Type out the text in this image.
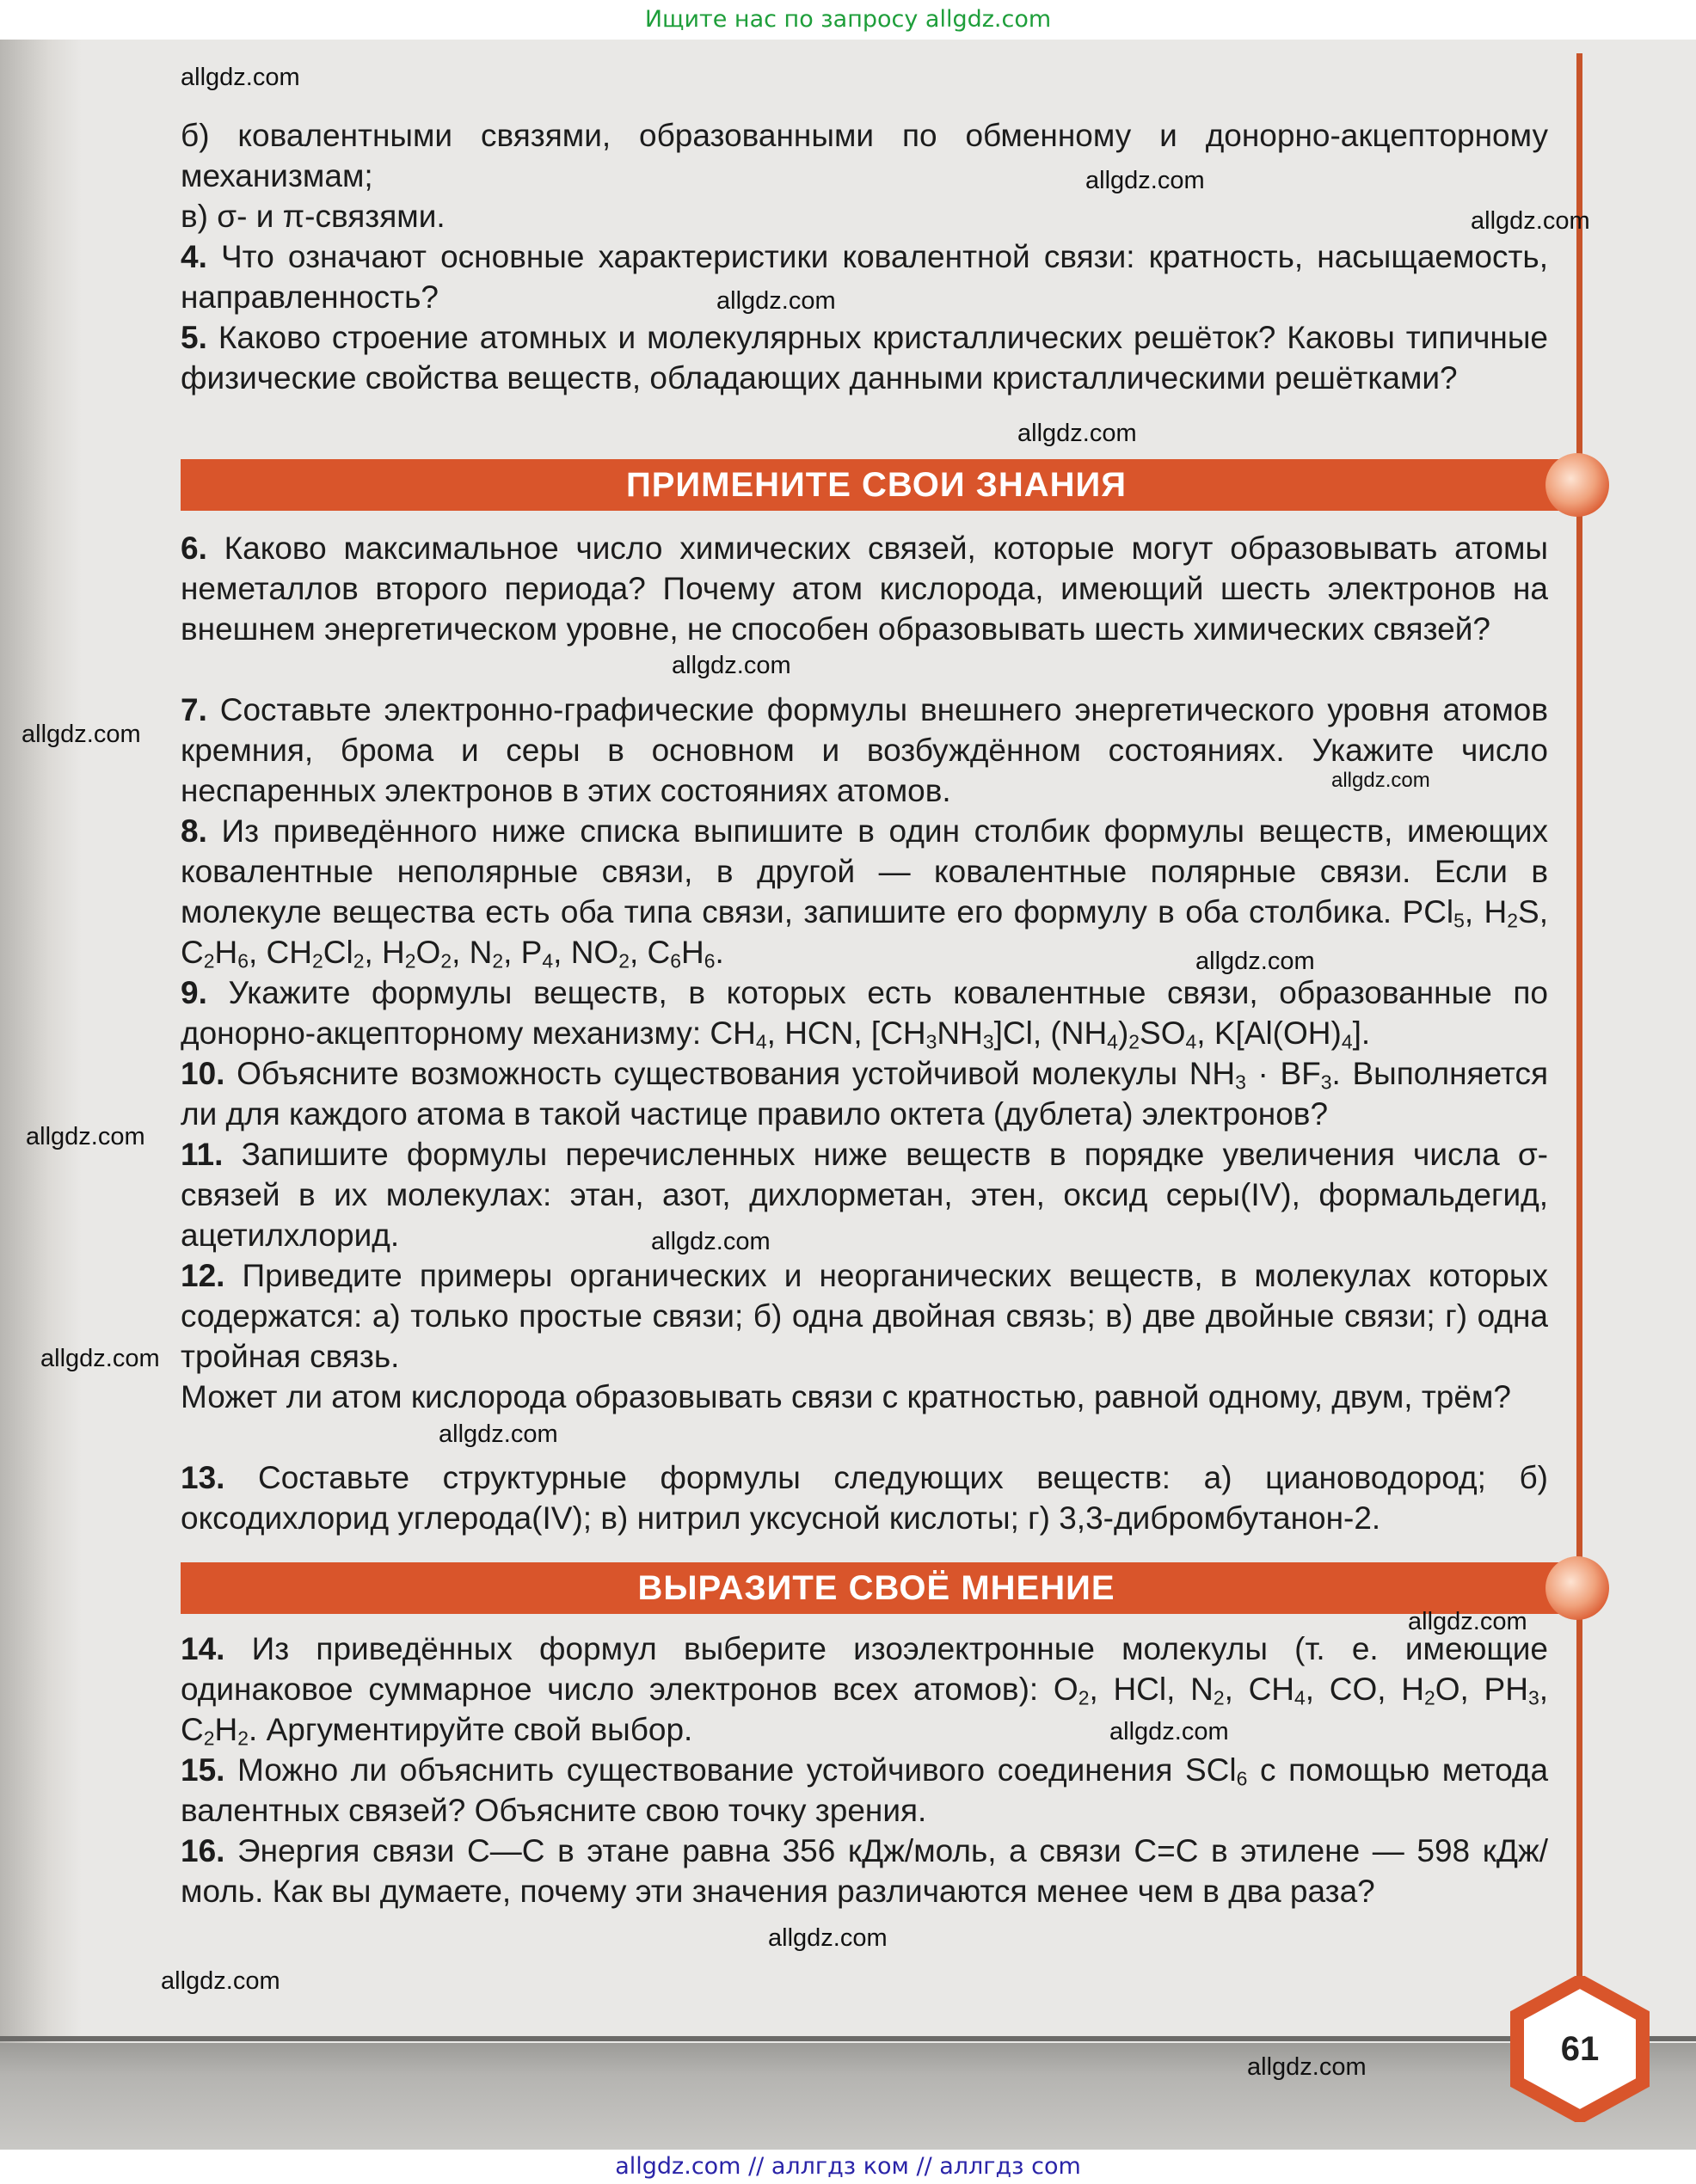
Ищите нас по запросу allgdz.com

б) ковалентными связями, образованными по обменному и донорно-акцепторному механизмам;

в) σ- и π-связями.

4. Что означают основные характеристики ковалентной связи: кратность, насыщаемость, направленность?

5. Каково строение атомных и молекулярных кристаллических решёток? Каковы типичные физические свойства веществ, обладающих данными кристаллическими решётками?

ПРИМЕНИТЕ СВОИ ЗНАНИЯ

6. Каково максимальное число химических связей, которые могут образовывать атомы неметаллов второго периода? Почему атом кислорода, имеющий шесть электронов на внешнем энергетическом уровне, не способен образовывать шесть химических связей?

7. Составьте электронно-графические формулы внешнего энергетического уровня атомов кремния, брома и серы в основном и возбуждённом состояниях. Укажите число неспаренных электронов в этих состояниях атомов.

8. Из приведённого ниже списка выпишите в один столбик формулы веществ, имеющих ковалентные неполярные связи, в другой — ковалентные полярные связи. Если в молекуле вещества есть оба типа связи, запишите его формулу в оба столбика. PCl$_5$, $H_2S$, $C_2H_6$, $CH_2Cl_2$, $H_2O_2$, $N_2$, $P_4$, $NO_2$, $C_6H_6$.

9. Укажите формулы веществ, в которых есть ковалентные связи, образованные по донорно-акцепторному механизму: $CH_4$, HCN, $[CH_3NH_3]Cl$, $(NH_4)_2SO_4$, $K[Al(OH)_4]$.

10. Объясните возможность существования устойчивой молекулы $NH_3 \cdot BF_3$. Выполняется ли для каждого атома в такой частице правило октета (дублета) электронов?

11. Запишите формулы перечисленных ниже веществ в порядке увеличения числа σ-связей в их молекулах: этан, азот, дихлорметан, этен, оксид серы(IV), формальдегид, ацетилхлорид.

12. Приведите примеры органических и неорганических веществ, в молекулах которых содержатся: а) только простые связи; б) одна двойная связь; в) две двойные связи; г) одна тройная связь.
Может ли атом кислорода образовывать связи с кратностью, равной одному, двум, трём?

13. Составьте структурные формулы следующих веществ: а) циановодород; б) оксодихлорид углерода(IV); в) нитрил уксусной кислоты; г) 3,3-дибромбутанон-2.

ВЫРАЗИТЕ СВОЁ МНЕНИЕ

14. Из приведённых формул выберите изоэлектронные молекулы (т. е. имеющие одинаковое суммарное число электронов всех атомов): $O_2$, HCl, $N_2$, $CH_4$, CO, $H_2O$, $PH_3$, $C_2H_2$. Аргументируйте свой выбор.

15. Можно ли объяснить существование устойчивого соединения SCl$_6$ с помощью метода валентных связей? Объясните свою точку зрения.

16. Энергия связи C—C в этане равна 356 кДж/моль, а связи C=C в этилене — 598 кДж/моль. Как вы думаете, почему эти значения различаются менее чем в два раза?

61
allgdz.com
allgdz.com
allgdz.com
allgdz.com
allgdz.com
allgdz.com
allgdz.com
allgdz.com
allgdz.com
allgdz.com
allgdz.com
allgdz.com
allgdz.com
allgdz.com
allgdz.com
allgdz.com
allgdz.com
allgdz.com
allgdz.com // аллгдз ком // аллгдз com
